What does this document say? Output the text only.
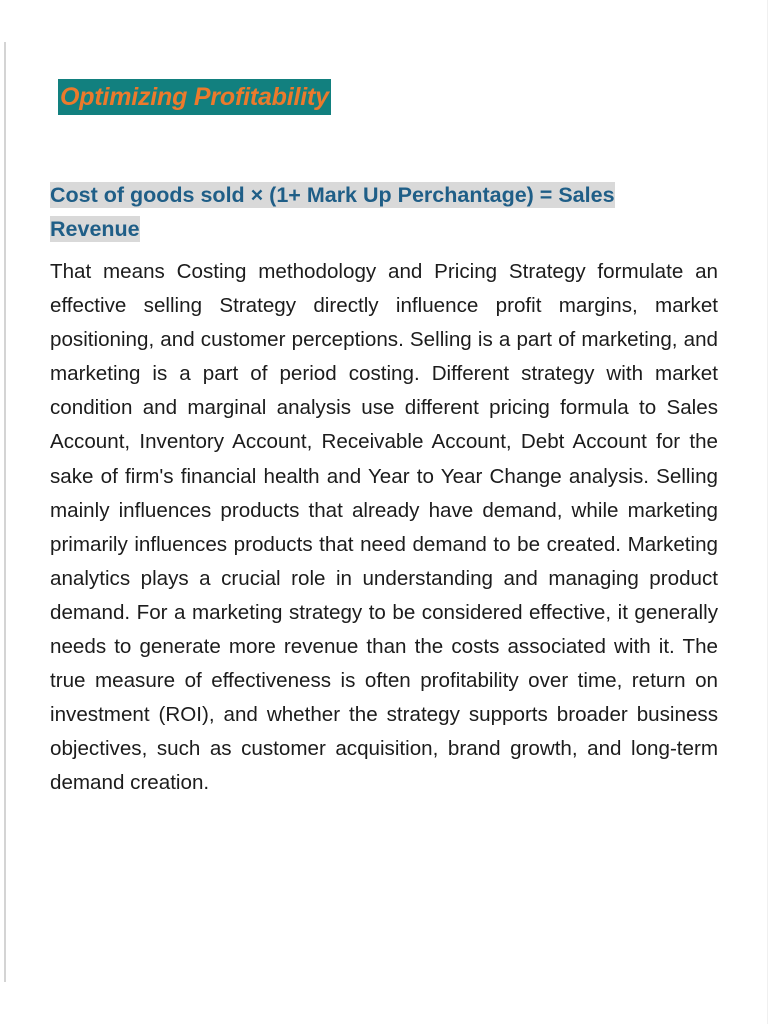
Optimizing Profitability
Cost of goods sold × (1+ Mark Up Perchantage) = Sales Revenue

That means Costing methodology and Pricing Strategy formulate an effective selling Strategy directly influence profit margins, market positioning, and customer perceptions. Selling is a part of marketing, and marketing is a part of period costing. Different strategy with market condition and marginal analysis use different pricing formula to Sales Account, Inventory Account, Receivable Account, Debt Account for the sake of firm's financial health and Year to Year Change analysis. Selling mainly influences products that already have demand, while marketing primarily influences products that need demand to be created. Marketing analytics plays a crucial role in understanding and managing product demand. For a marketing strategy to be considered effective, it generally needs to generate more revenue than the costs associated with it. The true measure of effectiveness is often profitability over time, return on investment (ROI), and whether the strategy supports broader business objectives, such as customer acquisition, brand growth, and long-term demand creation.
